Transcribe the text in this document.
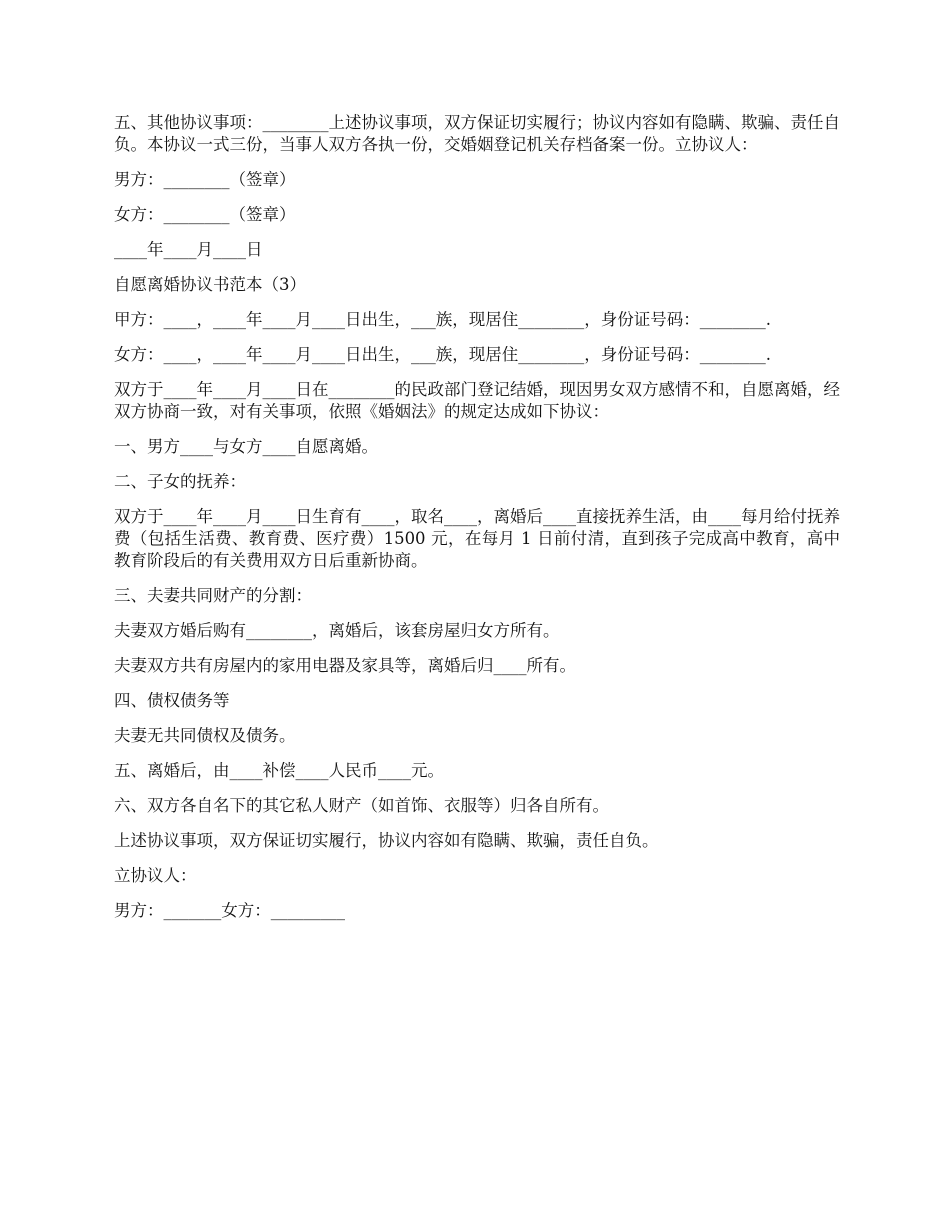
五、其他协议事项：________上述协议事项，双方保证切实履行；协议内容如有隐瞒、欺骗、责任自负。本协议一式三份，当事人双方各执一份，交婚姻登记机关存档备案一份。立协议人：

男方：________（签章）

女方：________（签章）

____年____月____日

自愿离婚协议书范本（3）

甲方：____，____年____月____日出生，___族，现居住________，身份证号码：________.

女方：____，____年____月____日出生，___族，现居住________，身份证号码：________.

双方于____年____月____日在________的民政部门登记结婚，现因男女双方感情不和，自愿离婚，经双方协商一致，对有关事项，依照《婚姻法》的规定达成如下协议：

一、男方____与女方____自愿离婚。

二、子女的抚养：

双方于____年____月____日生育有____，取名____，离婚后____直接抚养生活，由____每月给付抚养费（包括生活费、教育费、医疗费）1500 元，在每月 1 日前付清，直到孩子完成高中教育，高中教育阶段后的有关费用双方日后重新协商。

三、夫妻共同财产的分割：

夫妻双方婚后购有________，离婚后，该套房屋归女方所有。

夫妻双方共有房屋内的家用电器及家具等，离婚后归____所有。

四、债权债务等

夫妻无共同债权及债务。

五、离婚后，由____补偿____人民币____元。

六、双方各自名下的其它私人财产（如首饰、衣服等）归各自所有。

上述协议事项，双方保证切实履行，协议内容如有隐瞒、欺骗，责任自负。

立协议人：

男方：_______女方：_________
